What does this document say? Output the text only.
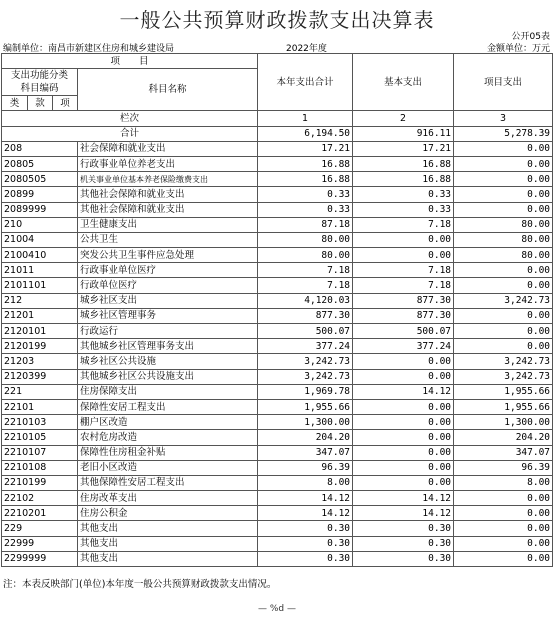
一般公共预算财政拨款支出决算表
公开05表
编制单位：南昌市新建区住房和城乡建设局	2022年度	金额单位：万元
项　　目				本年支出合计	基本支出	项目支出
支出功能分类
科目编码			科目名称			

类	款	项				
栏次				1	2	3
合计				6,194.50	916.11	5,278.39
208			社会保障和就业支出	17.21	17.21	0.00
20805			行政事业单位养老支出	16.88	16.88	0.00
2080505			机关事业单位基本养老保险缴费支出	16.88	16.88	0.00
20899			其他社会保障和就业支出	0.33	0.33	0.00
2089999			其他社会保障和就业支出	0.33	0.33	0.00
210			卫生健康支出	87.18	7.18	80.00
21004			公共卫生	80.00	0.00	80.00
2100410			突发公共卫生事件应急处理	80.00	0.00	80.00
21011			行政事业单位医疗	7.18	7.18	0.00
2101101			行政单位医疗	7.18	7.18	0.00
212			城乡社区支出	4,120.03	877.30	3,242.73
21201			城乡社区管理事务	877.30	877.30	0.00
2120101			行政运行	500.07	500.07	0.00
2120199			其他城乡社区管理事务支出	377.24	377.24	0.00
21203			城乡社区公共设施	3,242.73	0.00	3,242.73
2120399			其他城乡社区公共设施支出	3,242.73	0.00	3,242.73
221			住房保障支出	1,969.78	14.12	1,955.66
22101			保障性安居工程支出	1,955.66	0.00	1,955.66
2210103			棚户区改造	1,300.00	0.00	1,300.00
2210105			农村危房改造	204.20	0.00	204.20
2210107			保障性住房租金补贴	347.07	0.00	347.07
2210108			老旧小区改造	96.39	0.00	96.39
2210199			其他保障性安居工程支出	8.00	0.00	8.00
22102			住房改革支出	14.12	14.12	0.00
2210201			住房公积金	14.12	14.12	0.00
229			其他支出	0.30	0.30	0.00
22999			其他支出	0.30	0.30	0.00
2299999			其他支出	0.30	0.30	0.00
注：本表反映部门(单位)本年度一般公共预算财政拨款支出情况。
— %d —
